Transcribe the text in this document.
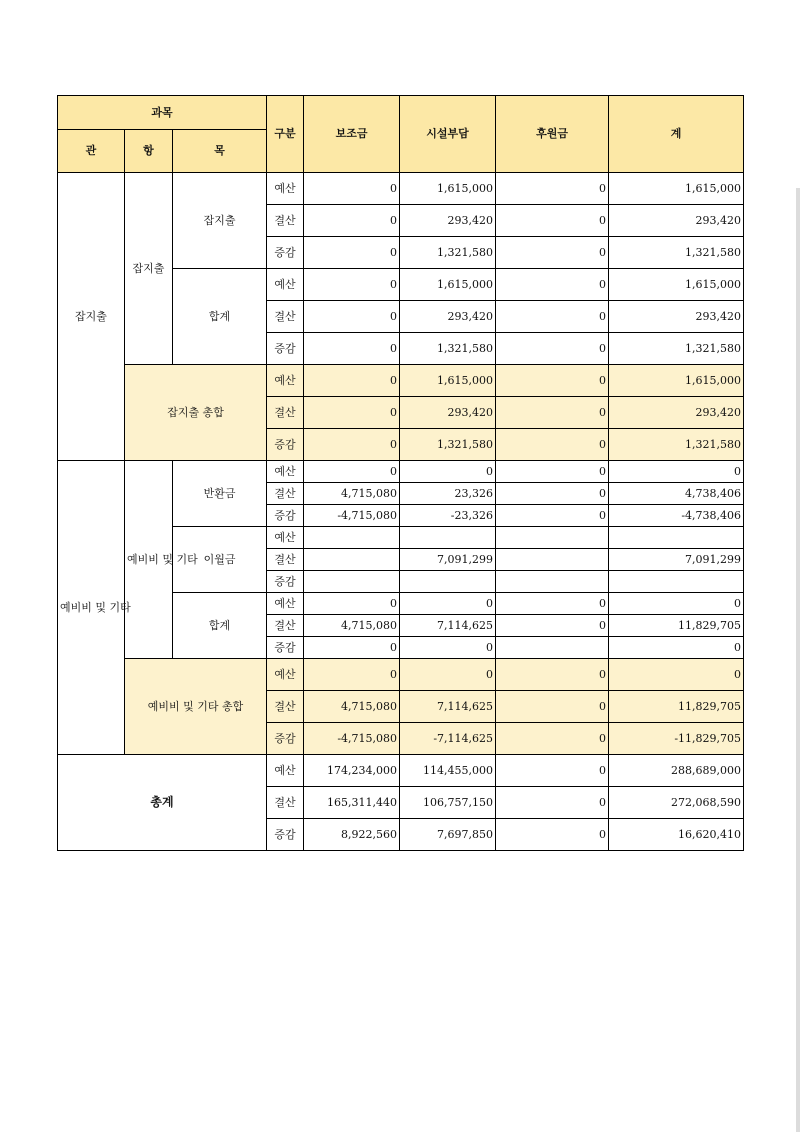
과목			구분	보조금	시설부담	후원금	계
관	항	목					
잡지출	잡지출	잡지출	예산	0	1,615,000	0	1,615,000
			결산	0	293,420	0	293,420
			증감	0	1,321,580	0	1,321,580
		합계	예산	0	1,615,000	0	1,615,000
			결산	0	293,420	0	293,420
			증감	0	1,321,580	0	1,321,580
	잡지출 총합		예산	0	1,615,000	0	1,615,000
			결산	0	293,420	0	293,420
			증감	0	1,321,580	0	1,321,580
예비비 및 기타	예비비 및 기타	반환금	예산	0	0	0	0
			결산	4,715,080	23,326	0	4,738,406
			증감	-4,715,080	-23,326	0	-4,738,406
		이월금	예산				
			결산		7,091,299		7,091,299
			증감				
		합계	예산	0	0	0	0
			결산	4,715,080	7,114,625	0	11,829,705
			증감	0	0		0
	예비비 및 기타 총합		예산	0	0	0	0
			결산	4,715,080	7,114,625	0	11,829,705
			증감	-4,715,080	-7,114,625	0	-11,829,705
총계			예산	174,234,000	114,455,000	0	288,689,000
			결산	165,311,440	106,757,150	0	272,068,590
			증감	8,922,560	7,697,850	0	16,620,410
